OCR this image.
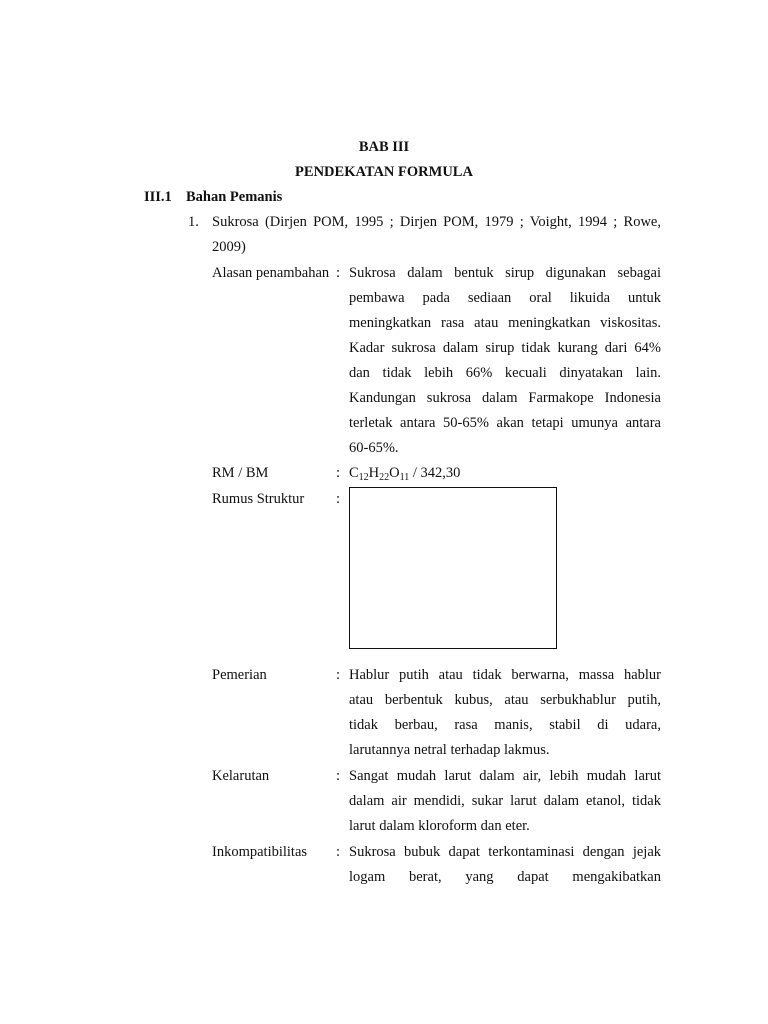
BAB III
PENDEKATAN FORMULA
III.1 Bahan Pemanis
1. Sukrosa (Dirjen POM, 1995 ; Dirjen POM, 1979 ; Voight, 1994 ; Rowe,
2009)
Alasan penambahan : Sukrosa dalam bentuk sirup digunakan sebagai
pembawa pada sediaan oral likuida untuk
meningkatkan rasa atau meningkatkan viskositas.
Kadar sukrosa dalam sirup tidak kurang dari 64%
dan tidak lebih 66% kecuali dinyatakan lain.
Kandungan sukrosa dalam Farmakope Indonesia
terletak antara 50-65% akan tetapi umunya antara
60-65%.
RM / BM	: $C_{12}H_{22}O_{11} / 342,30$
Rumus Struktur :
Pemerian	: Hablur putih atau tidak berwarna, massa hablur
atau berbentuk kubus, atau serbukhablur putih,
tidak berbau, rasa manis, stabil di udara,
larutannya netral terhadap lakmus.
Kelarutan	: Sangat mudah larut dalam air, lebih mudah larut
dalam air mendidi, sukar larut dalam etanol, tidak
larut dalam kloroform dan eter.
Inkompatibilitas : Sukrosa bubuk dapat terkontaminasi dengan jejak
logam berat, yang dapat mengakibatkan
